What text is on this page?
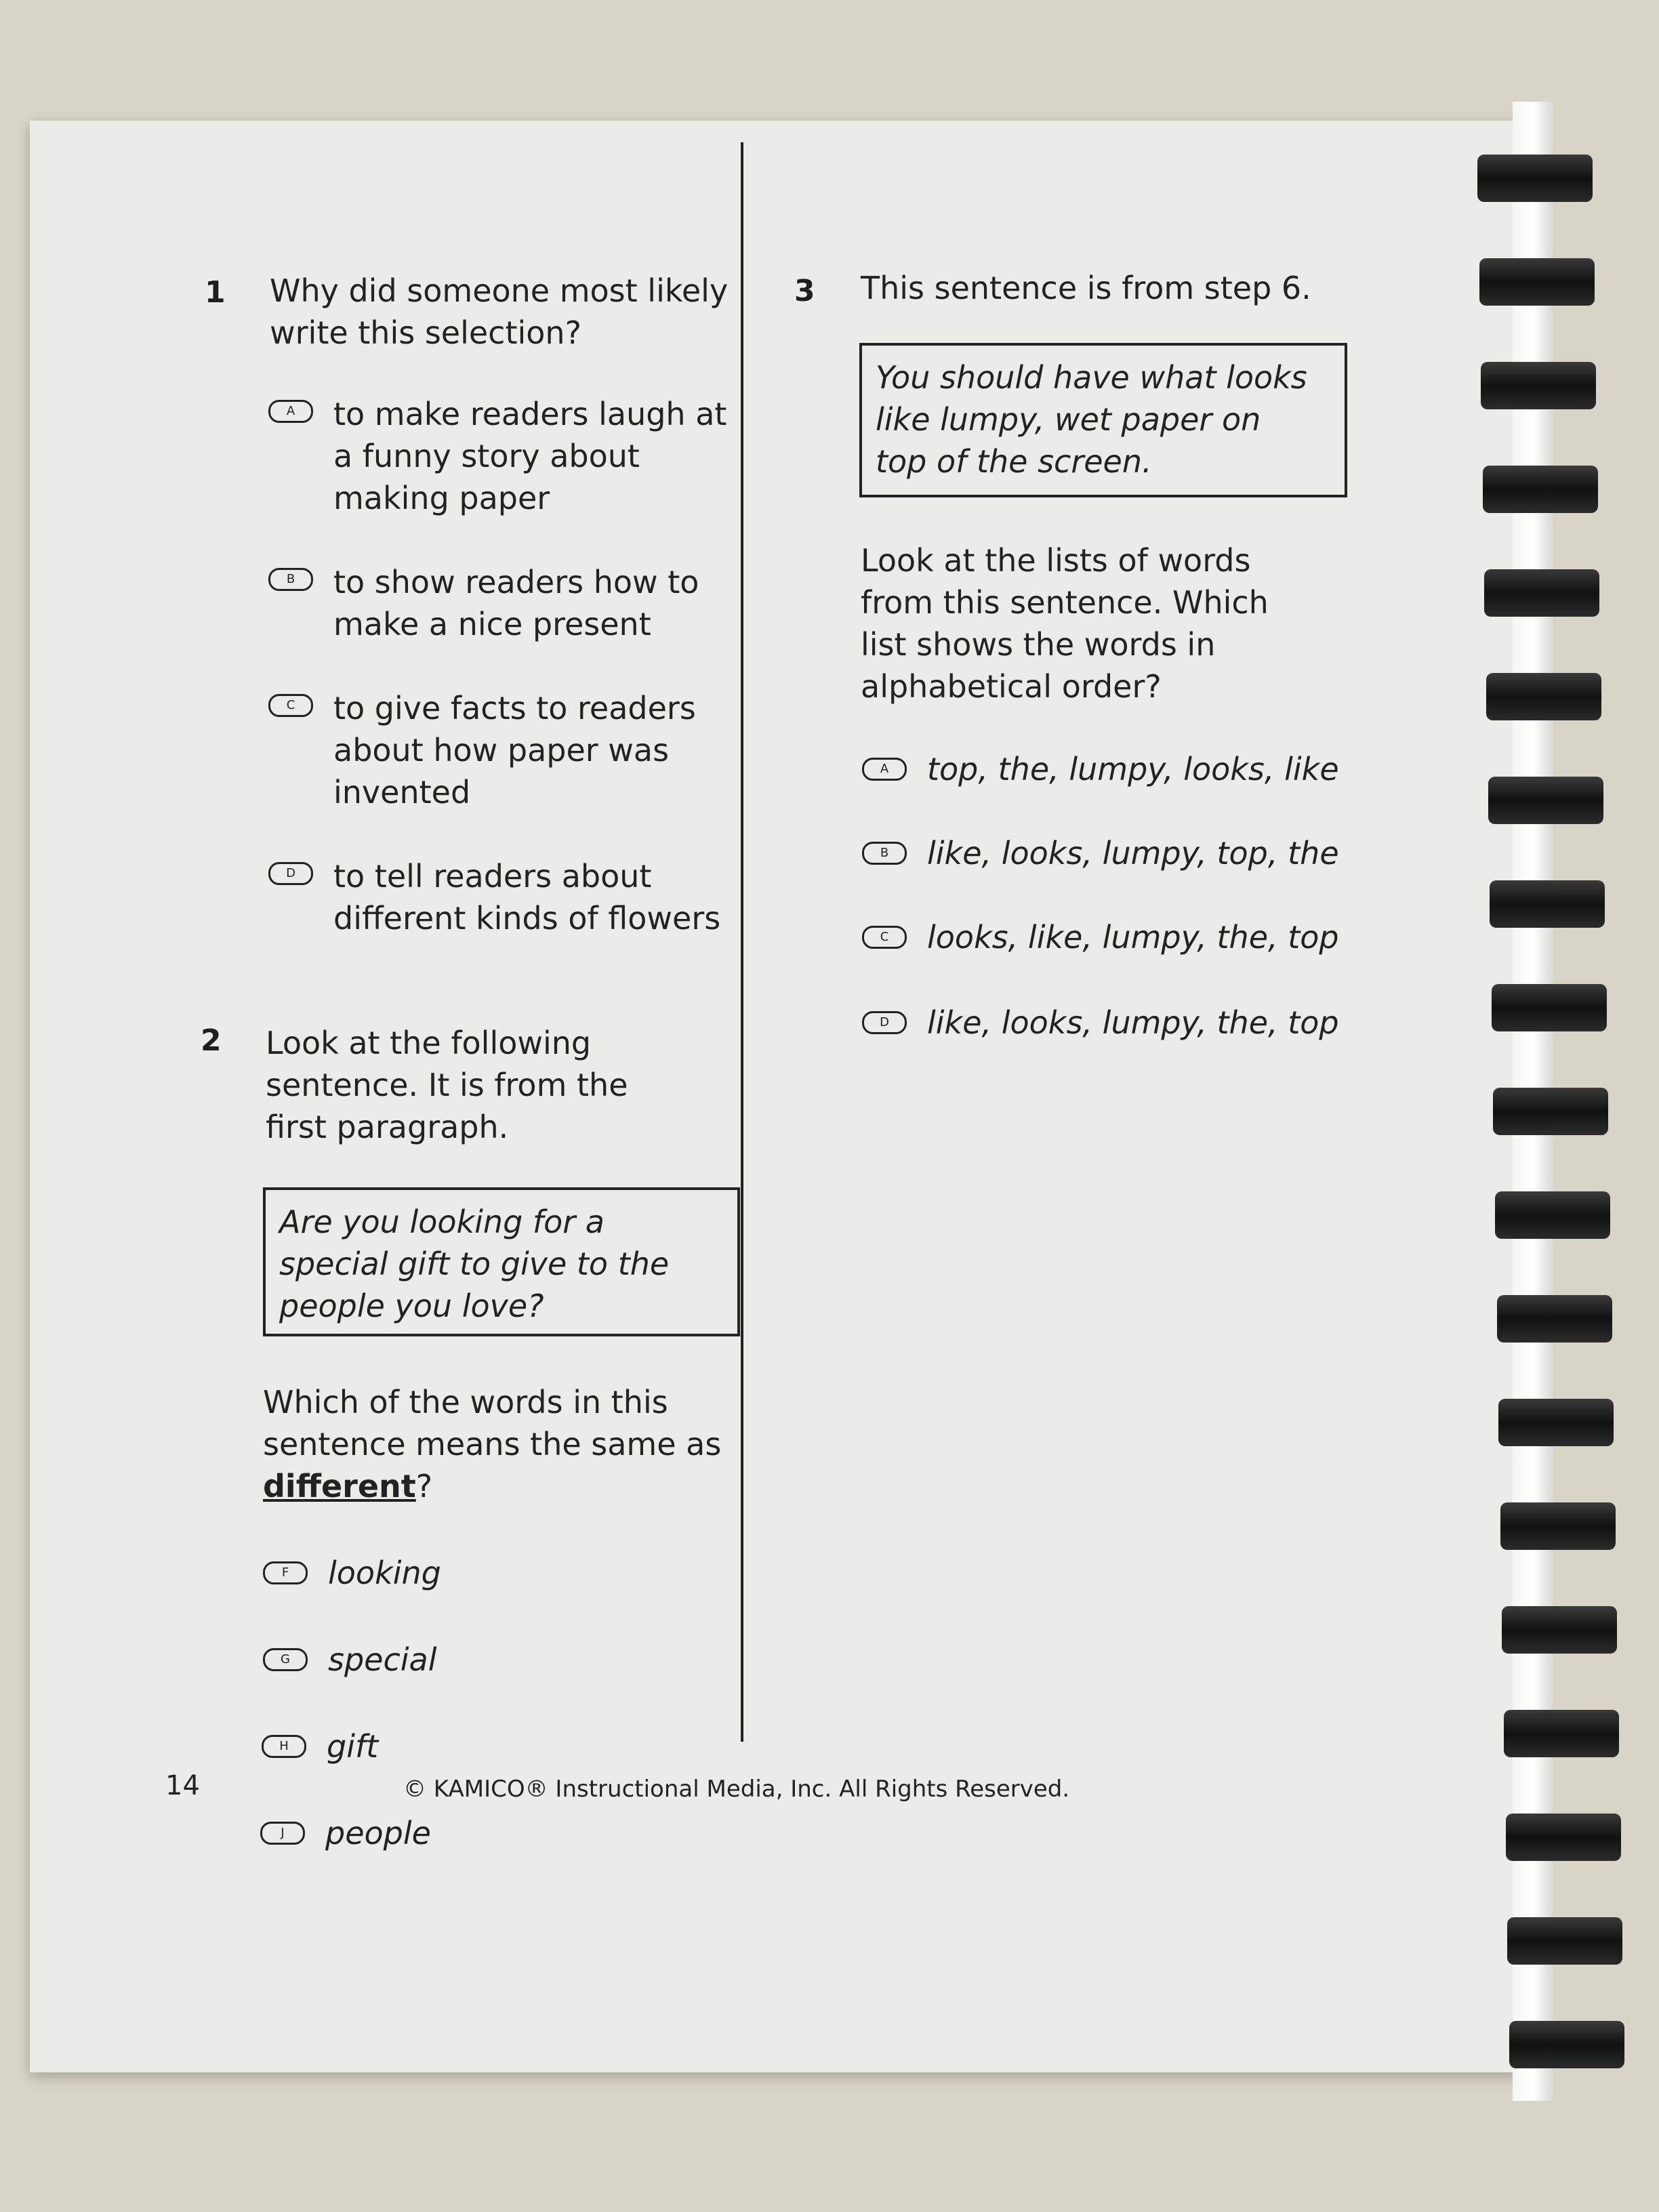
1 Why did someone most likely
write this selection?
A	to make readers laugh at
a funny story about
making paper
B	to show readers how to
make a nice present
C	to give facts to readers
about how paper was
invented
D	to tell readers about
different kinds of flowers
2 Look at the following
sentence. It is from the
first paragraph.
Are you looking for a
special gift to give to the
people you love?
Which of the words in this
sentence means the same as
different?
F	looking
G	special
H	gift
J	people
3 This sentence is from step 6.
You should have what looks
like lumpy, wet paper on
top of the screen.
Look at the lists of words
from this sentence. Which
list shows the words in
alphabetical order?
A	top, the, lumpy, looks, like
B	like, looks, lumpy, top, the
C	looks, like, lumpy, the, top
D	like, looks, lumpy, the, top
14	© KAMICO® Instructional Media, Inc. All Rights Reserved.
